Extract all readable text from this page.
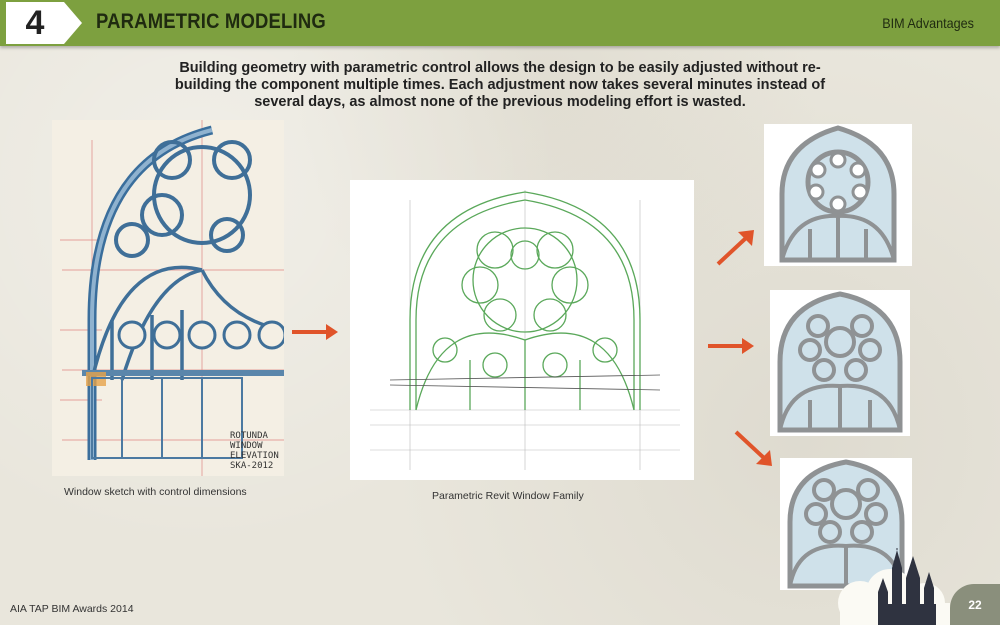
4	PARAMETRIC MODELING	BIM Advantages
Building geometry with parametric control allows the design to be easily adjusted without re-building the component multiple times. Each adjustment now takes several minutes instead of several days, as almost none of the previous modeling effort is wasted.
ROTUNDA
WINDOW
ELEVATION
SKA-2012
Window sketch with control dimensions	Parametric Revit Window Family
AIA TAP BIM Awards 2014	22
